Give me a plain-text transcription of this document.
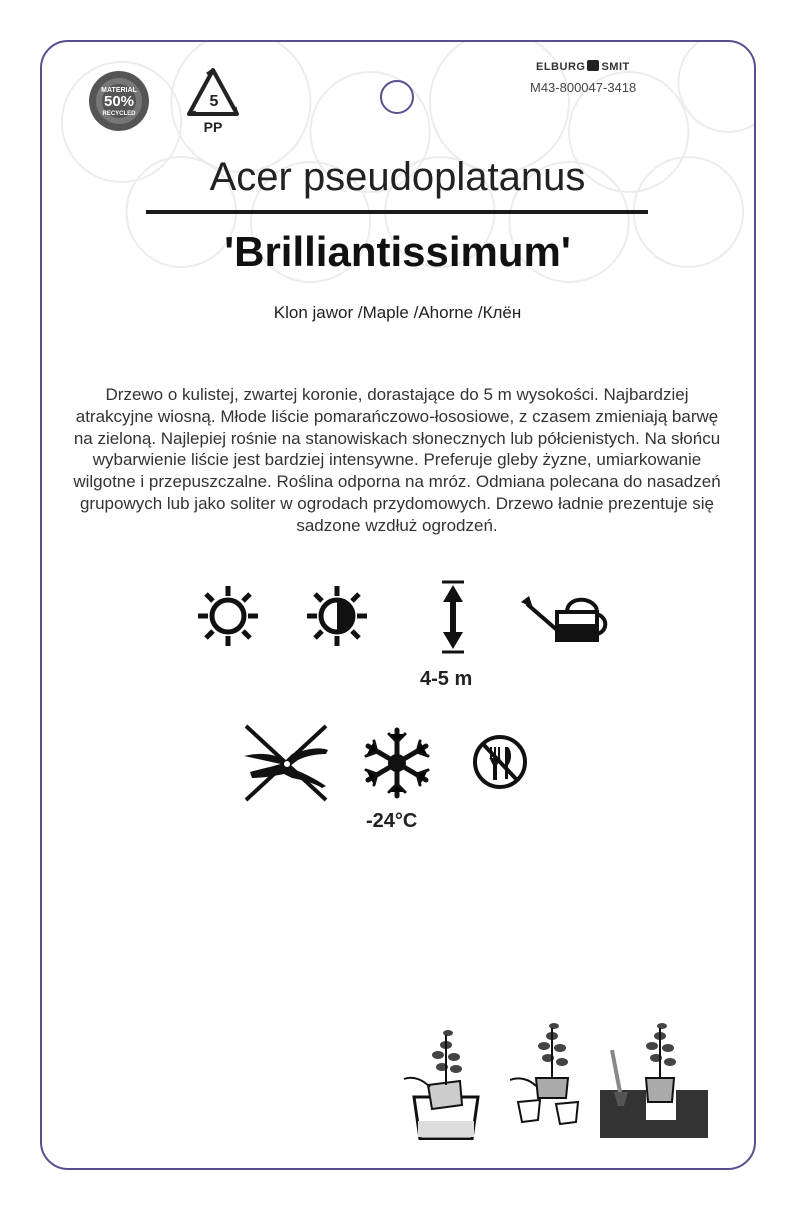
MATERIAL
50%
RECYCLED
5
PP
ELBURG SMIT
M43-800047-3418
Acer pseudoplatanus
'Brilliantissimum'
Klon jawor /Maple /Ahorne /Клён
Drzewo o kulistej, zwartej koronie, dorastające do 5 m wysokości. Najbardziej atrakcyjne wiosną. Młode liście pomarańczowo-łososiowe, z czasem zmieniają barwę na zieloną. Najlepiej rośnie na stanowiskach słonecznych lub półcienistych. Na słońcu wybarwienie liście jest bardziej intensywne. Preferuje gleby żyzne, umiarkowanie wilgotne i przepuszczalne. Roślina odporna na mróz. Odmiana polecana do nasadzeń grupowych lub jako soliter w ogrodach przydomowych. Drzewo ładnie prezentuje się sadzone wzdłuż ogrodzeń.
4-5 m
-24°C
